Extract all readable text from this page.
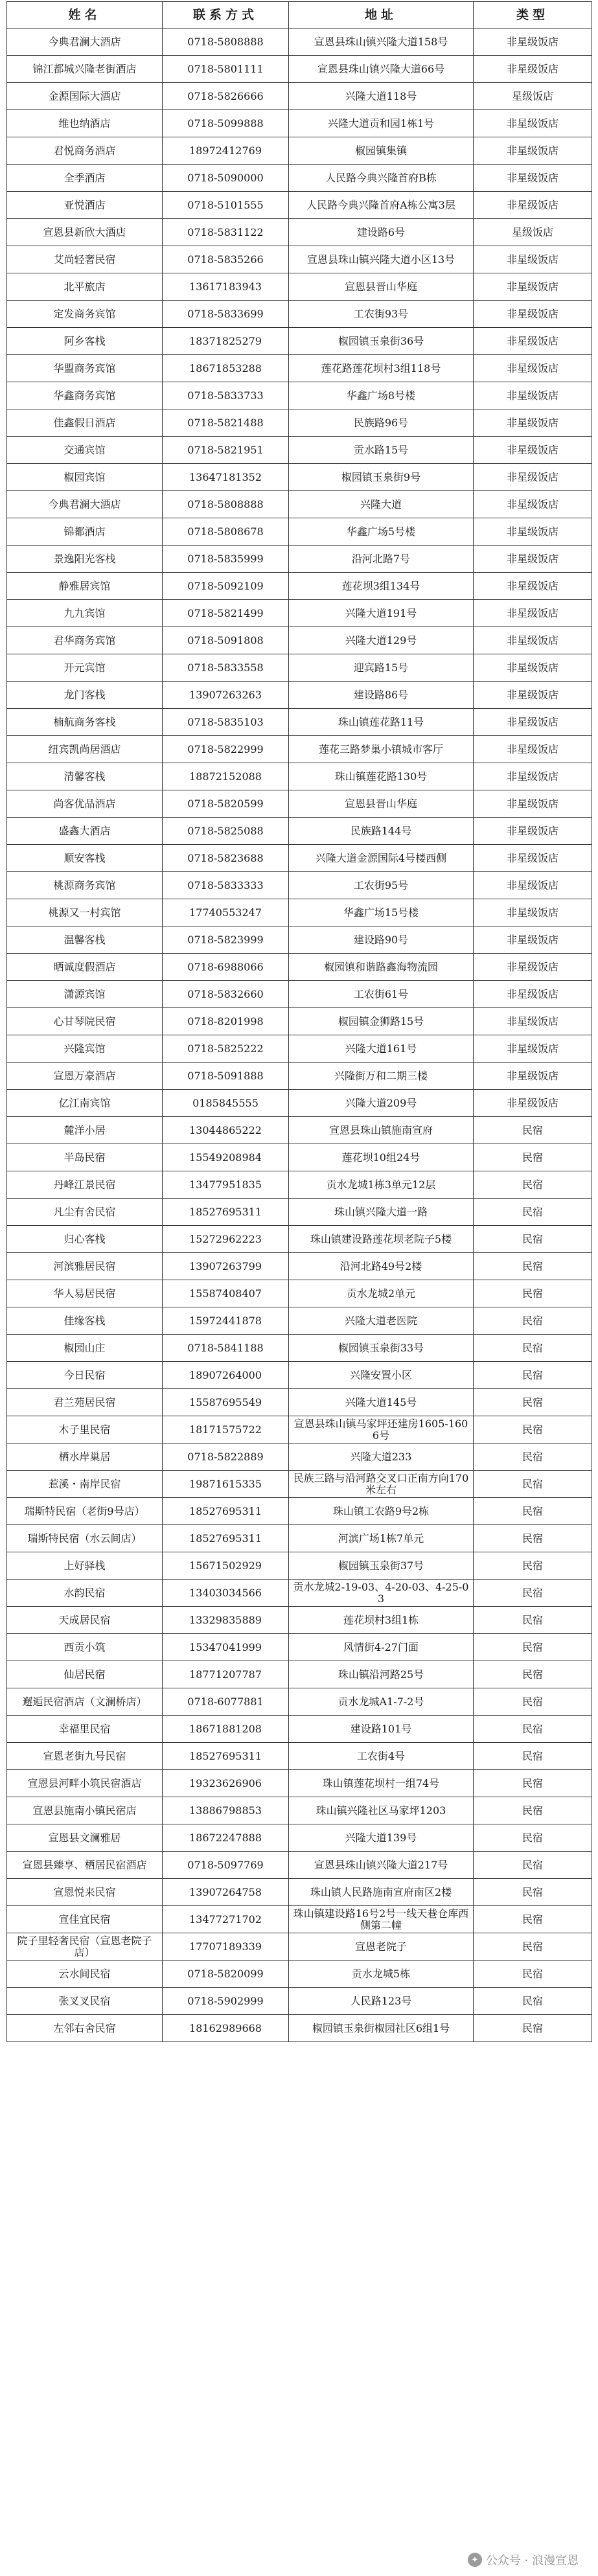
姓名	联系方式	地址	类型
今典君澜大酒店	0718-5808888	宣恩县珠山镇兴隆大道158号	非星级饭店
锦江都城兴隆老街酒店	0718-5801111	宣恩县珠山镇兴隆大道66号	非星级饭店
金源国际大酒店	0718-5826666	兴隆大道118号	星级饭店
维也纳酒店	0718-5099888	兴隆大道贡和园1栋1号	非星级饭店
君悦商务酒店	18972412769	椒园镇集镇	非星级饭店
全季酒店	0718-5090000	人民路今典兴隆首府B栋	非星级饭店
亚悦酒店	0718-5101555	人民路今典兴隆首府A栋公寓3层	非星级饭店
宣恩县新欣大酒店	0718-5831122	建设路6号	星级饭店
艾尚轻奢民宿	0718-5835266	宣恩县珠山镇兴隆大道小区13号	非星级饭店
北平旅店	13617183943	宣恩县晋山华庭	非星级饭店
定发商务宾馆	0718-5833699	工农街93号	非星级饭店
阿乡客栈	18371825279	椒园镇玉泉街36号	非星级饭店
华盟商务宾馆	18671853288	莲花路莲花坝村3组118号	非星级饭店
华鑫商务宾馆	0718-5833733	华鑫广场8号楼	非星级饭店
佳鑫假日酒店	0718-5821488	民族路96号	非星级饭店
交通宾馆	0718-5821951	贡水路15号	非星级饭店
椒园宾馆	13647181352	椒园镇玉泉街9号	非星级饭店
今典君澜大酒店	0718-5808888	兴隆大道	非星级饭店
锦都酒店	0718-5808678	华鑫广场5号楼	非星级饭店
景逸阳光客栈	0718-5835999	沿河北路7号	非星级饭店
静雅居宾馆	0718-5092109	莲花坝3组134号	非星级饭店
九九宾馆	0718-5821499	兴隆大道191号	非星级饭店
君华商务宾馆	0718-5091808	兴隆大道129号	非星级饭店
开元宾馆	0718-5833558	迎宾路15号	非星级饭店
龙门客栈	13907263263	建设路86号	非星级饭店
楠航商务客栈	0718-5835103	珠山镇莲花路11号	非星级饭店
纽宾凯尚居酒店	0718-5822999	莲花三路梦巢小镇城市客厅	非星级饭店
清馨客栈	18872152088	珠山镇莲花路130号	非星级饭店
尚客优品酒店	0718-5820599	宣恩县晋山华庭	非星级饭店
盛鑫大酒店	0718-5825088	民族路144号	非星级饭店
顺安客栈	0718-5823688	兴隆大道金源国际4号楼西侧	非星级饭店
桃源商务宾馆	0718-5833333	工农街95号	非星级饭店
桃源又一村宾馆	17740553247	华鑫广场15号楼	非星级饭店
温馨客栈	0718-5823999	建设路90号	非星级饭店
晒诚度假酒店	0718-6988066	椒园镇和谐路鑫海物流园	非星级饭店
潇源宾馆	0718-5832660	工农街61号	非星级饭店
心甘琴院民宿	0718-8201998	椒园镇金狮路15号	非星级饭店
兴隆宾馆	0718-5825222	兴隆大道161号	非星级饭店
宣恩万豪酒店	0718-5091888	兴隆街万和二期三楼	非星级饭店
亿江南宾馆	0185845555	兴隆大道209号	非星级饭店
麓洋小居	13044865222	宣恩县珠山镇施南宣府	民宿
半岛民宿	15549208984	莲花坝10组24号	民宿
丹峰江景民宿	13477951835	贡水龙城1栋3单元12层	民宿
凡尘有舍民宿	18527695311	珠山镇兴隆大道一路	民宿
归心客栈	15272962223	珠山镇建设路莲花坝老院子5楼	民宿
河滨雅居民宿	13907263799	沿河北路49号2楼	民宿
华人易居民宿	15587408407	贡水龙城2单元	民宿
佳缘客栈	15972441878	兴隆大道老医院	民宿
椒园山庄	0718-5841188	椒园镇玉泉街33号	民宿
今日民宿	18907264000	兴隆安置小区	民宿
君兰苑居民宿	15587695549	兴隆大道145号	民宿
木子里民宿	18171575722	宣恩县珠山镇马家坪还建房1605-1606号	民宿
栖水岸巢居	0718-5822889	兴隆大道233	民宿
惹溪・南岸民宿	19871615335	民族三路与沿河路交叉口正南方向170米左右	民宿
瑞斯特民宿（老街9号店）	18527695311	珠山镇工农路9号2栋	民宿
瑞斯特民宿（水云间店）	18527695311	河滨广场1栋7单元	民宿
上好驿栈	15671502929	椒园镇玉泉街37号	民宿
水韵民宿	13403034566	贡水龙城2-19-03、4-20-03、4-25-03	民宿
天成居民宿	13329835889	莲花坝村3组1栋	民宿
西贡小筑	15347041999	风情街4-27门面	民宿
仙居民宿	18771207787	珠山镇沿河路25号	民宿
邂逅民宿酒店（文澜桥店）	0718-6077881	贡水龙城A1-7-2号	民宿
幸福里民宿	18671881208	建设路101号	民宿
宣恩老街九号民宿	18527695311	工农街4号	民宿
宣恩县河畔小筑民宿酒店	19323626906	珠山镇莲花坝村一组74号	民宿
宣恩县施南小镇民宿店	13886798853	珠山镇兴隆社区马家坪1203	民宿
宣恩县文澜雅居	18672247888	兴隆大道139号	民宿
宣恩县臻享、栖居民宿酒店	0718-5097769	宣恩县珠山镇兴隆大道217号	民宿
宣恩悦来民宿	13907264758	珠山镇人民路施南宣府南区2楼	民宿
宣佳宜民宿	13477271702	珠山镇建设路16号2号一线天巷仓库西侧第二幢	民宿
院子里轻奢民宿（宣恩老院子店）	17707189339	宣恩老院子	民宿
云水间民宿	0718-5820099	贡水龙城5栋	民宿
张叉叉民宿	0718-5902999	人民路123号	民宿
左邻右舍民宿	18162989668	椒园镇玉泉街椒园社区6组1号	民宿
✦ 公众号 · 浪漫宣恩
